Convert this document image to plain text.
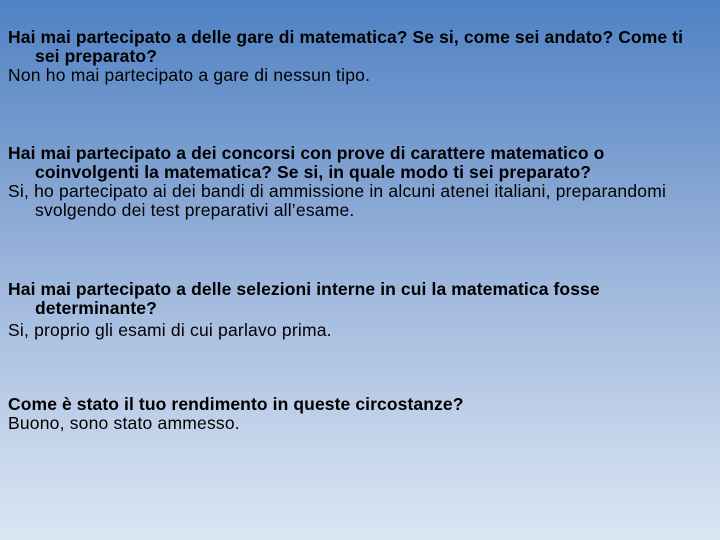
Hai mai partecipato a delle gare di matematica? Se si, come sei andato? Come ti sei preparato?

Non ho mai partecipato a gare di nessun tipo.

Hai mai partecipato a dei concorsi con prove di carattere matematico o coinvolgenti la matematica? Se si, in quale modo ti sei preparato?

Si, ho partecipato ai dei bandi di ammissione in alcuni atenei italiani, preparandomi svolgendo dei test preparativi all’esame.

Hai mai partecipato a delle selezioni interne in cui la matematica fosse determinante?

Si, proprio gli esami di cui parlavo prima.

Come è stato il tuo rendimento in queste circostanze?

Buono, sono stato ammesso.
